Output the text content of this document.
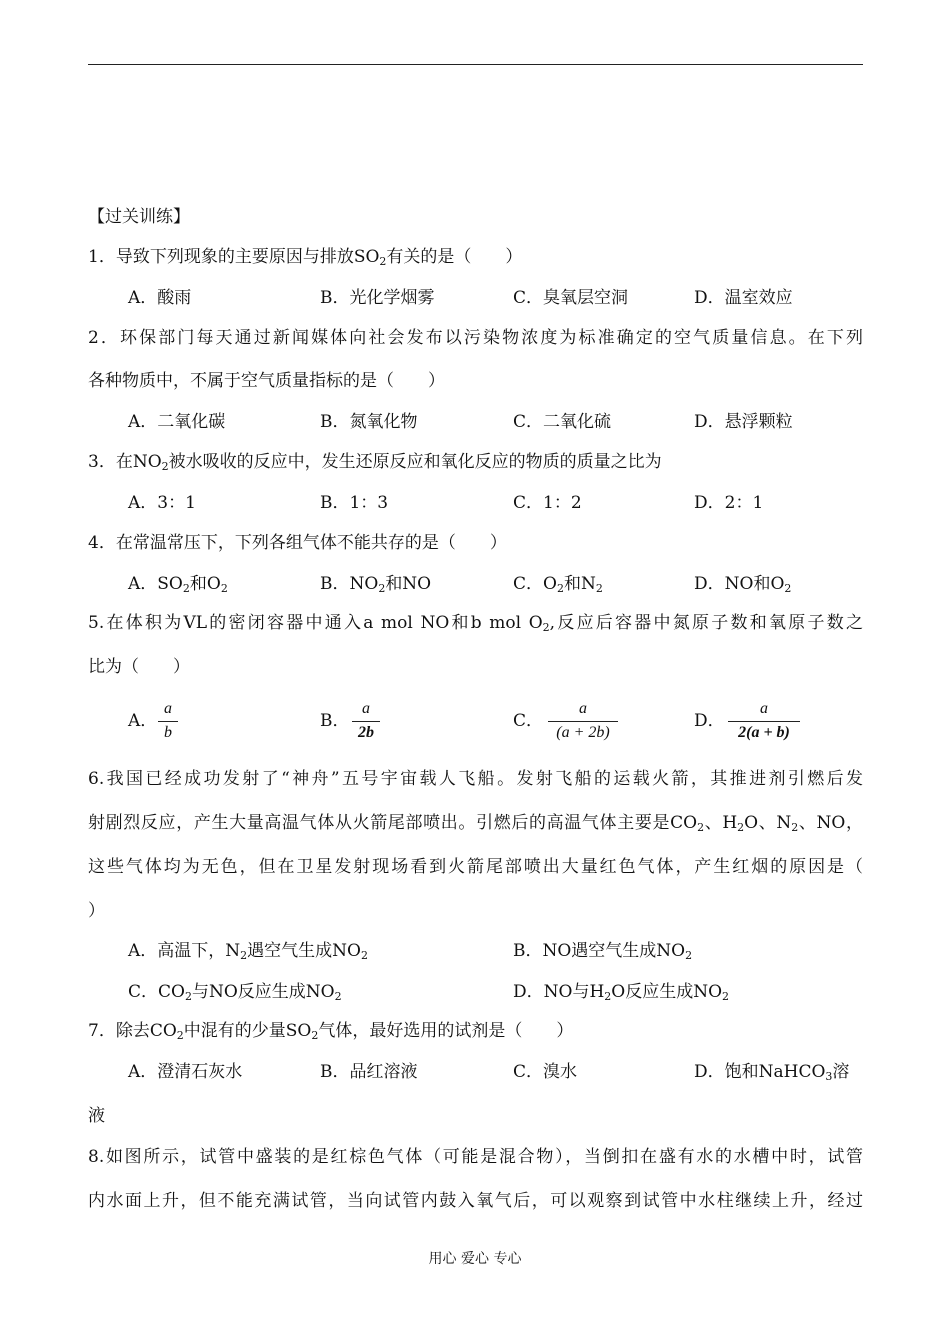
【过关训练】
1．导致下列现象的主要原因与排放$SO_2$有关的是（　　）
A．酸雨	B．光化学烟雾	C．臭氧层空洞	D．温室效应
2．环保部门每天通过新闻媒体向社会发布以污染物浓度为标准确定的空气质量信息。在下列
各种物质中，不属于空气质量指标的是（　　）
A．二氧化碳	B．氮氧化物	C．二氧化硫	D．悬浮颗粒
3．在$NO_2$被水吸收的反应中，发生还原反应和氧化反应的物质的质量之比为
A．3：1	B．1：3	C．1：2	D．2：1
4．在常温常压下，下列各组气体不能共存的是（　　）
A．$SO_2$和$O_2$	B．$NO_2$和NO	C．$O_2$和$N_2$	D．NO和$O_2$
5.在体积为VL的密闭容器中通入a mol NO和b mol $O_2$,反应后容器中氮原子数和氧原子数之
比为（　　）
A．
a
b
B．
a
2b
C．
a
(a + 2b)
D．
a
2(a + b)
6.我国已经成功发射了“神舟”五号宇宙载人飞船。发射飞船的运载火箭，其推进剂引燃后发
射剧烈反应，产生大量高温气体从火箭尾部喷出。引燃后的高温气体主要是$CO_2$、$H_2O$、$N_2$、NO，
这些气体均为无色，但在卫星发射现场看到火箭尾部喷出大量红色气体，产生红烟的原因是（
）
A．高温下，$N_2$遇空气生成$NO_2$	B．NO遇空气生成$NO_2$
C．$CO_2$与NO反应生成$NO_2$	D．NO与$H_2O$反应生成$NO_2$
7．除去$CO_2$中混有的少量$SO_2$气体，最好选用的试剂是（　　）
A．澄清石灰水	B．品红溶液	C．溴水	D．饱和NaHCO$_3$溶
液
8.如图所示，试管中盛装的是红棕色气体（可能是混合物），当倒扣在盛有水的水槽中时，试管
内水面上升，但不能充满试管，当向试管内鼓入氧气后，可以观察到试管中水柱继续上升，经过
用心 爱心 专心
